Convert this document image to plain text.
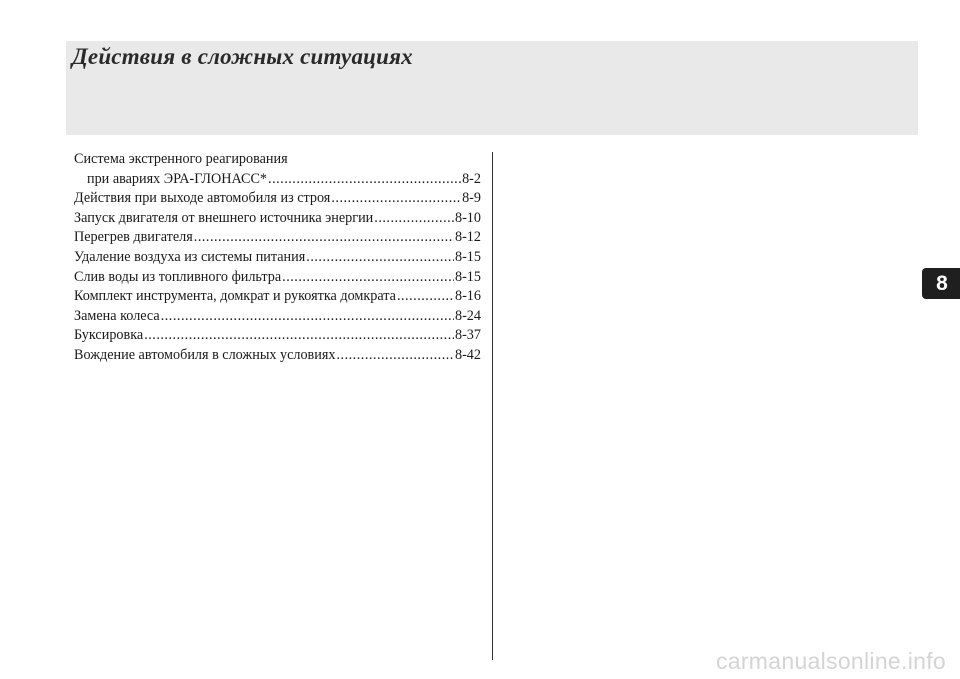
Действия в сложных ситуациях
Система экстренного реагирования
при авариях ЭРА-ГЛОНАСС* .....	8-2
Действия при выходе автомобиля из строя .....	8-9
Запуск двигателя от внешнего источника энергии .....	8-10
Перегрев двигателя .....	8-12
Удаление воздуха из системы питания .....	8-15
Слив воды из топливного фильтра .....	8-15
Комплект инструмента, домкрат и рукоятка домкрата .....	8-16
Замена колеса .....	8-24
Буксировка .....	8-37
Вождение автомобиля в сложных условиях .....	8-42
8
carmanualsonline.info
